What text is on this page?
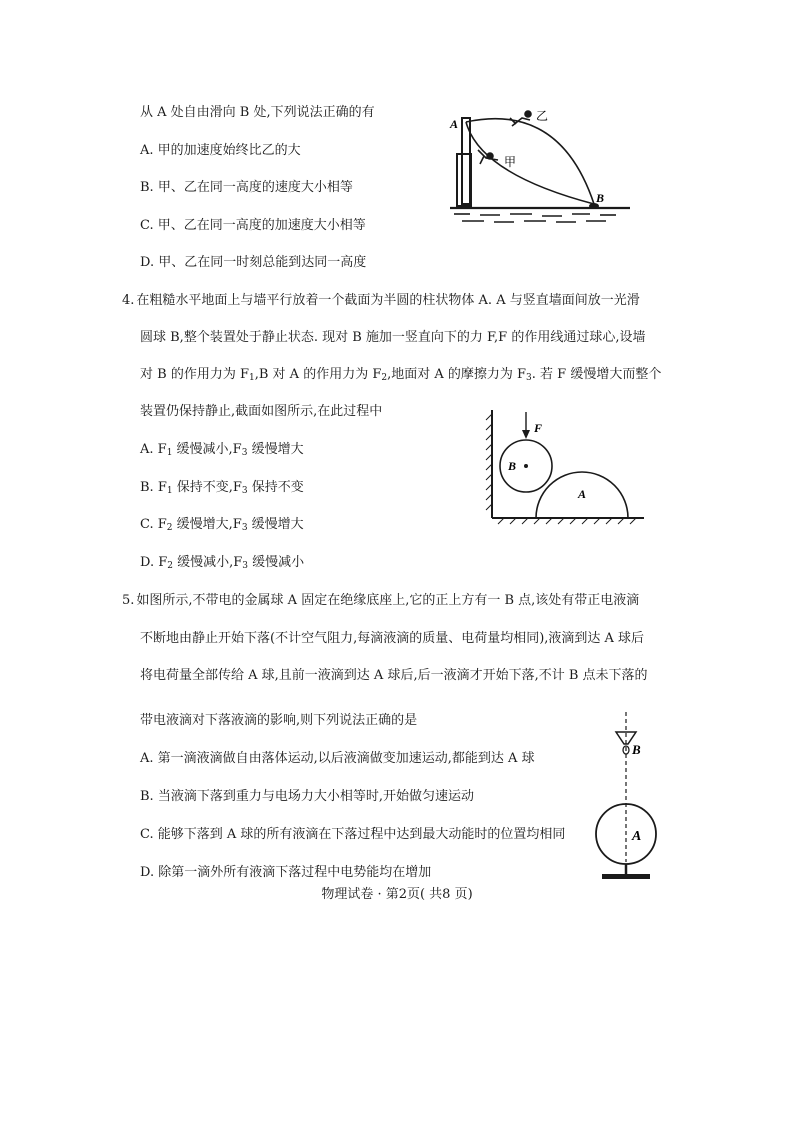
从 A 处自由滑向 B 处,下列说法正确的有
A. 甲的加速度始终比乙的大
B. 甲、乙在同一高度的速度大小相等
C. 甲、乙在同一高度的加速度大小相等
D. 甲、乙在同一时刻总能到达同一高度
A
B
甲
乙
4. 在粗糙水平地面上与墙平行放着一个截面为半圆的柱状物体 A. A 与竖直墙面间放一光滑
圆球 B,整个装置处于静止状态. 现对 B 施加一竖直向下的力 F,F 的作用线通过球心,设墙
对 B 的作用力为 $F_1,B$ 对 A 的作用力为 $F_2$,地面对 A 的摩擦力为 $F_3$. 若 F 缓慢增大而整个
装置仍保持静止,截面如图所示,在此过程中
A. $F_1$ 缓慢减小$,F_3$ 缓慢增大
B. $F_1$ 保持不变$,F_3$ 保持不变
C. $F_2$ 缓慢增大$,F_3$ 缓慢增大
D. $F_2$ 缓慢减小$,F_3$ 缓慢减小
F
B
A
5. 如图所示,不带电的金属球 A 固定在绝缘底座上,它的正上方有一 B 点,该处有带正电液滴
不断地由静止开始下落(不计空气阻力,每滴液滴的质量、电荷量均相同),液滴到达 A 球后
将电荷量全部传给 A 球,且前一液滴到达 A 球后,后一液滴才开始下落,不计 B 点未下落的
带电液滴对下落液滴的影响,则下列说法正确的是
A. 第一滴液滴做自由落体运动,以后液滴做变加速运动,都能到达 A 球
B. 当液滴下落到重力与电场力大小相等时,开始做匀速运动
C. 能够下落到 A 球的所有液滴在下落过程中达到最大动能时的位置均相同
D. 除第一滴外所有液滴下落过程中电势能均在增加
B
A
物理试卷 · 第2页( 共8 页)
